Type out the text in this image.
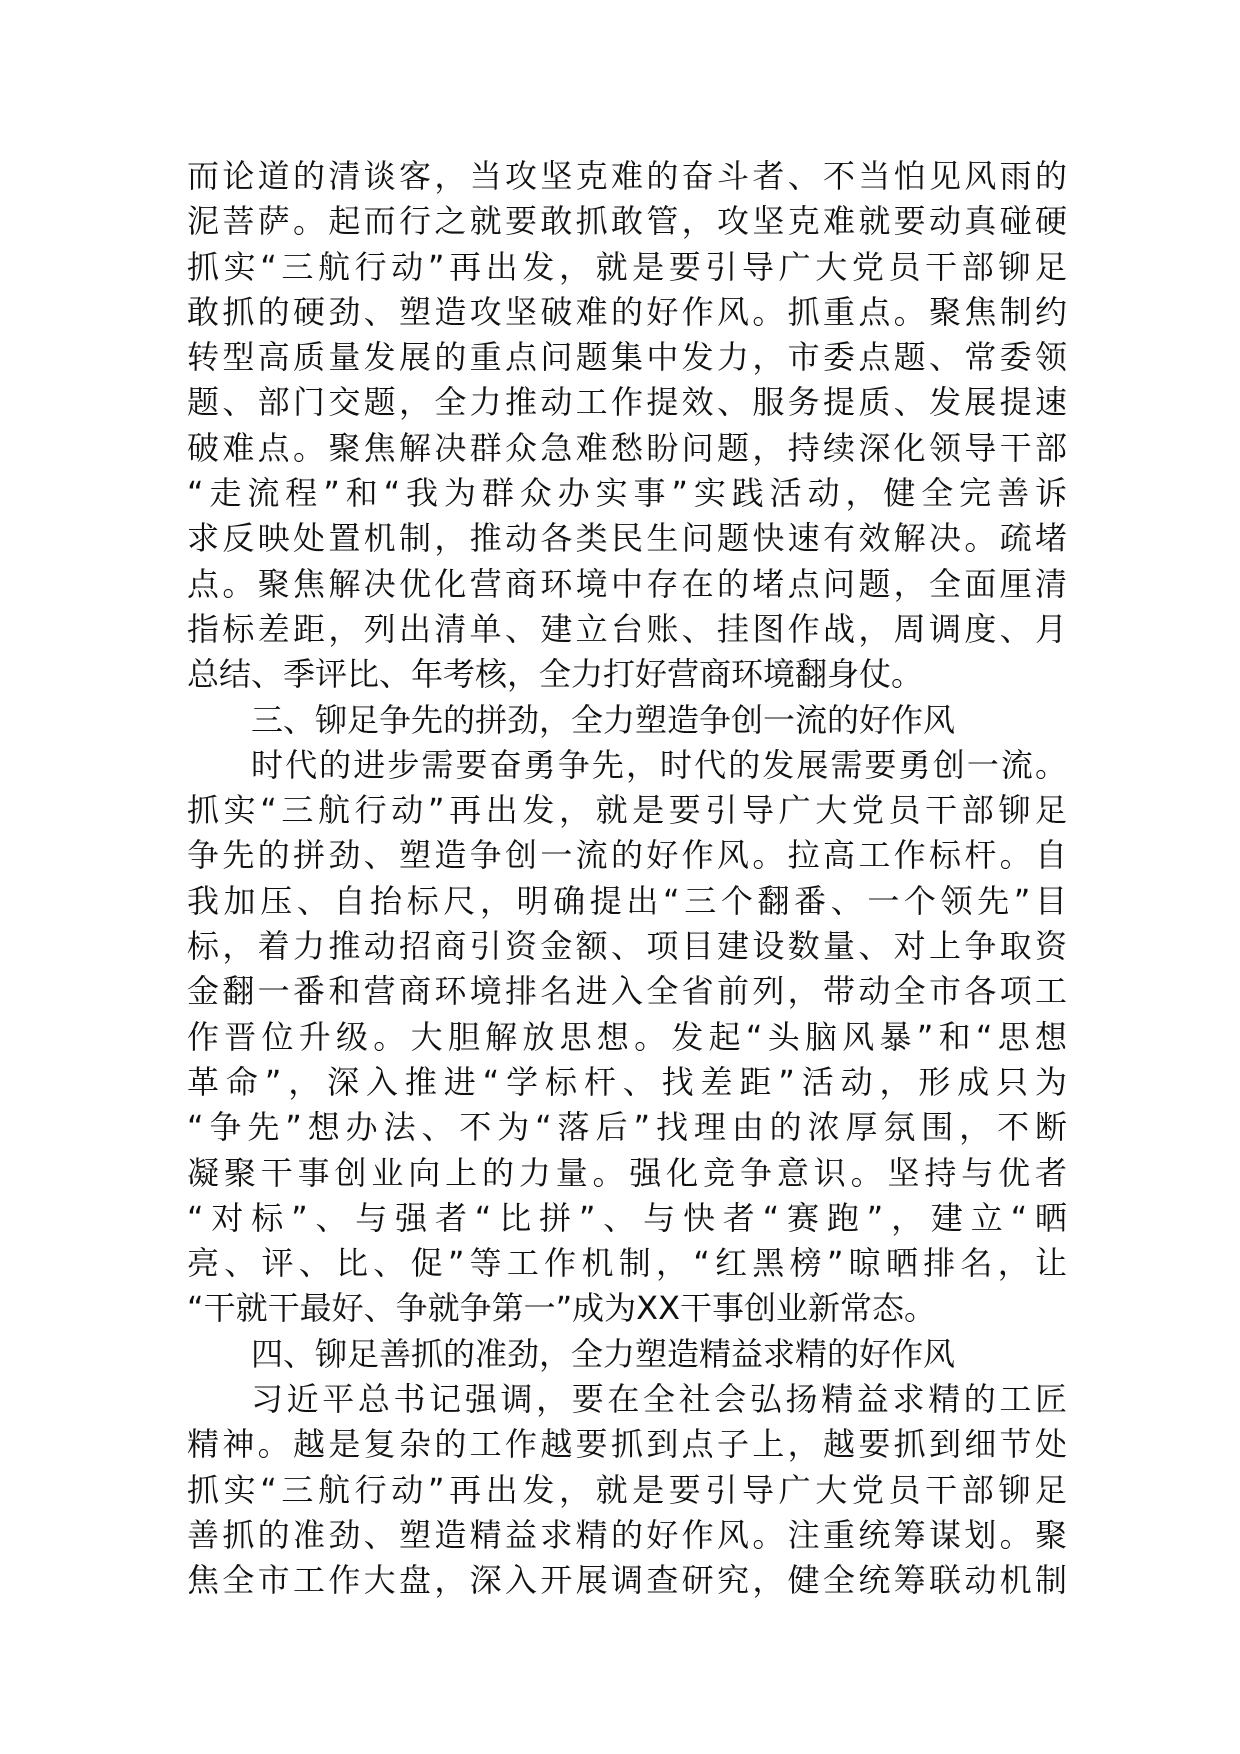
而论道的清谈客，当攻坚克难的奋斗者、不当怕见风雨的
泥菩萨。起而行之就要敢抓敢管，攻坚克难就要动真碰硬
抓实“三航行动”再出发，就是要引导广大党员干部铆足
敢抓的硬劲、塑造攻坚破难的好作风。抓重点。聚焦制约
转型高质量发展的重点问题集中发力，市委点题、常委领
题、部门交题，全力推动工作提效、服务提质、发展提速
破难点。聚焦解决群众急难愁盼问题，持续深化领导干部
“走流程”和“我为群众办实事”实践活动，健全完善诉
求反映处置机制，推动各类民生问题快速有效解决。疏堵
点。聚焦解决优化营商环境中存在的堵点问题，全面厘清
指标差距，列出清单、建立台账、挂图作战，周调度、月
总结、季评比、年考核，全力打好营商环境翻身仗。
三、铆足争先的拼劲，全力塑造争创一流的好作风
时代的进步需要奋勇争先，时代的发展需要勇创一流。
抓实“三航行动”再出发，就是要引导广大党员干部铆足
争先的拼劲、塑造争创一流的好作风。拉高工作标杆。自
我加压、自抬标尺，明确提出“三个翻番、一个领先”目
标，着力推动招商引资金额、项目建设数量、对上争取资
金翻一番和营商环境排名进入全省前列，带动全市各项工
作晋位升级。大胆解放思想。发起“头脑风暴”和“思想
革命”，深入推进“学标杆、找差距”活动，形成只为
“争先”想办法、不为“落后”找理由的浓厚氛围，不断
凝聚干事创业向上的力量。强化竞争意识。坚持与优者
“对标”、与强者“比拼”、与快者“赛跑”，建立“晒
亮、评、比、促”等工作机制，“红黑榜”晾晒排名，让
“干就干最好、争就争第一”成为XX干事创业新常态。
四、铆足善抓的准劲，全力塑造精益求精的好作风
习近平总书记强调，要在全社会弘扬精益求精的工匠
精神。越是复杂的工作越要抓到点子上，越要抓到细节处
抓实“三航行动”再出发，就是要引导广大党员干部铆足
善抓的准劲、塑造精益求精的好作风。注重统筹谋划。聚
焦全市工作大盘，深入开展调查研究，健全统筹联动机制
